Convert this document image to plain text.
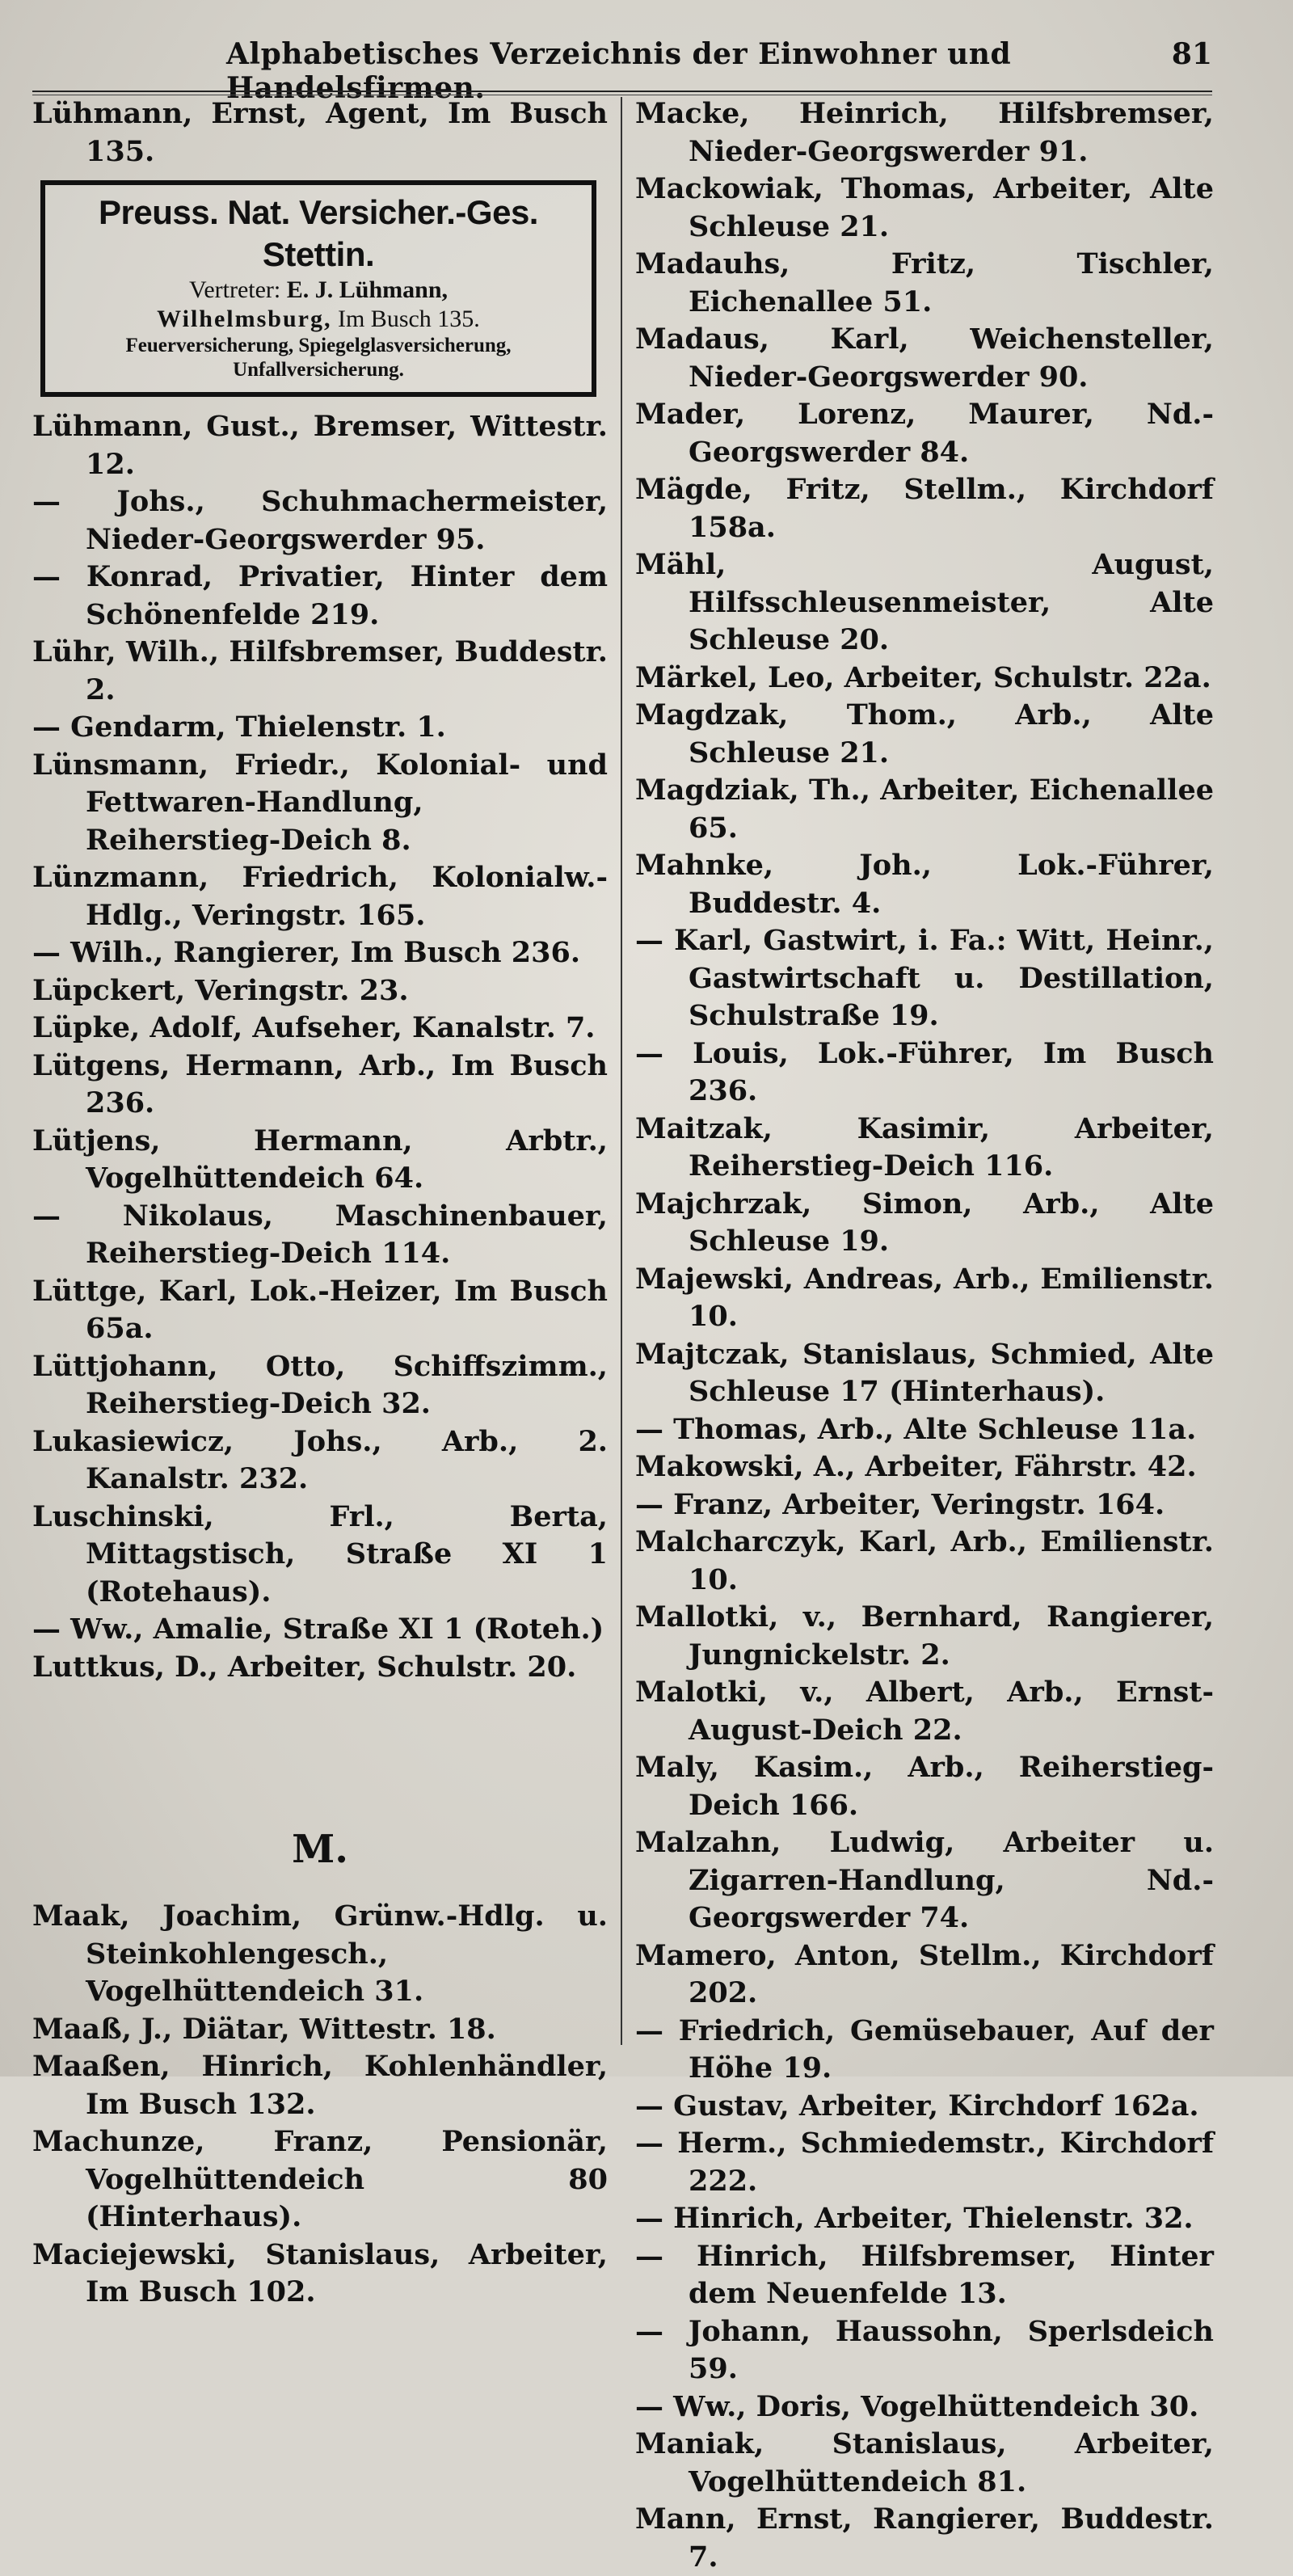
Alphabetisches Verzeichnis der Einwohner und Handelsfirmen.
81
Lühmann, Ernst, Agent, Im Busch 135.
Preuss. Nat. Versicher.-Ges. Stettin.
Vertreter: E. J. Lühmann,
Wilhelmsburg, Im Busch 135.
Feuerversicherung, Spiegelglasversicherung,
Unfallversicherung.
Lühmann, Gust., Bremser, Wittestr. 12.
— Johs., Schuhmachermeister, Nieder-Georgswerder 95.
— Konrad, Privatier, Hinter dem Schönenfelde 219.
Lühr, Wilh., Hilfsbremser, Buddestr. 2.
— Gendarm, Thielenstr. 1.
Lünsmann, Friedr., Kolonial- und Fettwaren-Handlung, Reiherstieg-Deich 8.
Lünzmann, Friedrich, Kolonialw.-Hdlg., Veringstr. 165.
— Wilh., Rangierer, Im Busch 236.
Lüpckert, Veringstr. 23.
Lüpke, Adolf, Aufseher, Kanalstr. 7.
Lütgens, Hermann, Arb., Im Busch 236.
Lütjens, Hermann, Arbtr., Vogelhüttendeich 64.
— Nikolaus, Maschinenbauer, Reiherstieg-Deich 114.
Lüttge, Karl, Lok.-Heizer, Im Busch 65a.
Lüttjohann, Otto, Schiffszimm., Reiherstieg-Deich 32.
Lukasiewicz, Johs., Arb., 2. Kanalstr. 232.
Luschinski, Frl., Berta, Mittagstisch, Straße XI 1 (Rotehaus).
— Ww., Amalie, Straße XI 1 (Roteh.)
Luttkus, D., Arbeiter, Schulstr. 20.
M.
Maak, Joachim, Grünw.-Hdlg. u. Steinkohlengesch., Vogelhüttendeich 31.
Maaß, J., Diätar, Wittestr. 18.
Maaßen, Hinrich, Kohlenhändler, Im Busch 132.
Machunze, Franz, Pensionär, Vogelhüttendeich 80 (Hinterhaus).
Maciejewski, Stanislaus, Arbeiter, Im Busch 102.
Macke, Heinrich, Hilfsbremser, Nieder-Georgswerder 91.
Mackowiak, Thomas, Arbeiter, Alte Schleuse 21.
Madauhs, Fritz, Tischler, Eichenallee 51.
Madaus, Karl, Weichensteller, Nieder-Georgswerder 90.
Mader, Lorenz, Maurer, Nd.-Georgswerder 84.
Mägde, Fritz, Stellm., Kirchdorf 158a.
Mähl, August, Hilfsschleusenmeister, Alte Schleuse 20.
Märkel, Leo, Arbeiter, Schulstr. 22a.
Magdzak, Thom., Arb., Alte Schleuse 21.
Magdziak, Th., Arbeiter, Eichenallee 65.
Mahnke, Joh., Lok.-Führer, Buddestr. 4.
— Karl, Gastwirt, i. Fa.: Witt, Heinr., Gastwirtschaft u. Destillation, Schulstraße 19.
— Louis, Lok.-Führer, Im Busch 236.
Maitzak, Kasimir, Arbeiter, Reiherstieg-Deich 116.
Majchrzak, Simon, Arb., Alte Schleuse 19.
Majewski, Andreas, Arb., Emilienstr. 10.
Majtczak, Stanislaus, Schmied, Alte Schleuse 17 (Hinterhaus).
— Thomas, Arb., Alte Schleuse 11a.
Makowski, A., Arbeiter, Fährstr. 42.
— Franz, Arbeiter, Veringstr. 164.
Malcharczyk, Karl, Arb., Emilienstr. 10.
Mallotki, v., Bernhard, Rangierer, Jungnickelstr. 2.
Malotki, v., Albert, Arb., Ernst-August-Deich 22.
Maly, Kasim., Arb., Reiherstieg-Deich 166.
Malzahn, Ludwig, Arbeiter u. Zigarren-Handlung, Nd.-Georgswerder 74.
Mamero, Anton, Stellm., Kirchdorf 202.
— Friedrich, Gemüsebauer, Auf der Höhe 19.
— Gustav, Arbeiter, Kirchdorf 162a.
— Herm., Schmiedemstr., Kirchdorf 222.
— Hinrich, Arbeiter, Thielenstr. 32.
— Hinrich, Hilfsbremser, Hinter dem Neuenfelde 13.
— Johann, Haussohn, Sperlsdeich 59.
— Ww., Doris, Vogelhüttendeich 30.
Maniak, Stanislaus, Arbeiter, Vogelhüttendeich 81.
Mann, Ernst, Rangierer, Buddestr. 7.
